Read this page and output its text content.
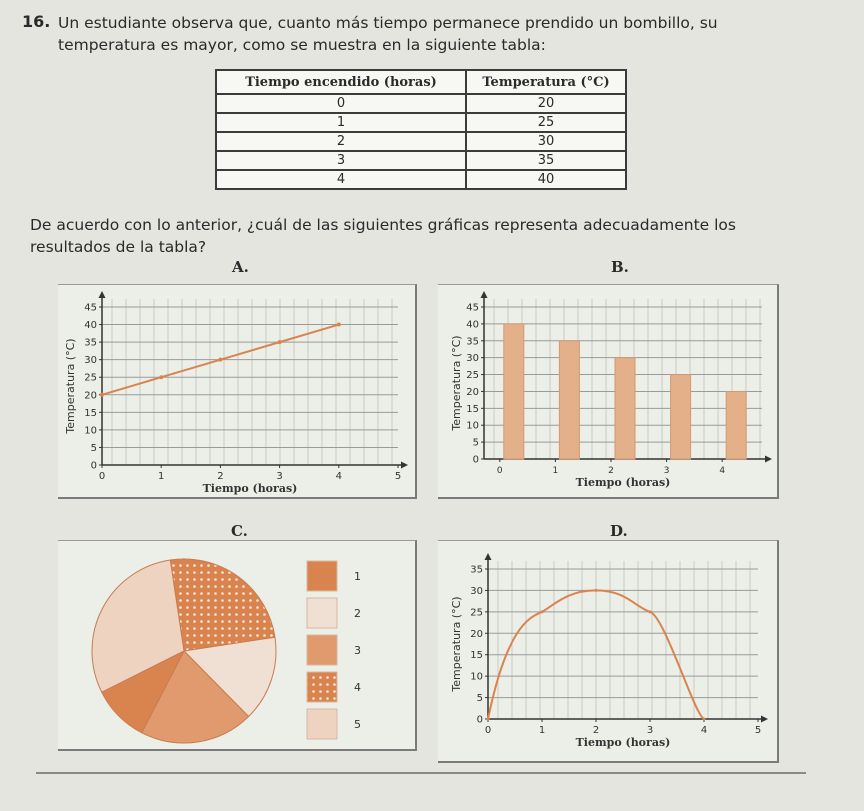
16. Un estudiante observa que, cuanto más tiempo permanece prendido un bombillo, su temperatura es mayor, como se muestra en la siguiente tabla:
Tiempo encendido (horas)	Temperatura (°C)
0	20
1	25
2	30
3	35
4	40
De acuerdo con lo anterior, ¿cuál de las siguientes gráficas representa adecuadamente los resultados de la tabla?
A.	B.
C.	D.
0
5
10
15
20
25
30
35
40
45
Temperatura (°C)
Tiempo (horas)
0	1	2	3	4	5
0
5
10
15
20
25
30
35
40
45
Temperatura (°C)
Tiempo (horas)
0	1	2	3	4
1
2
3
4
5	0
5
10
15
20
25
30
35
Temperatura (°C)
Tiempo (horas)
0	1	2	3	4	5
